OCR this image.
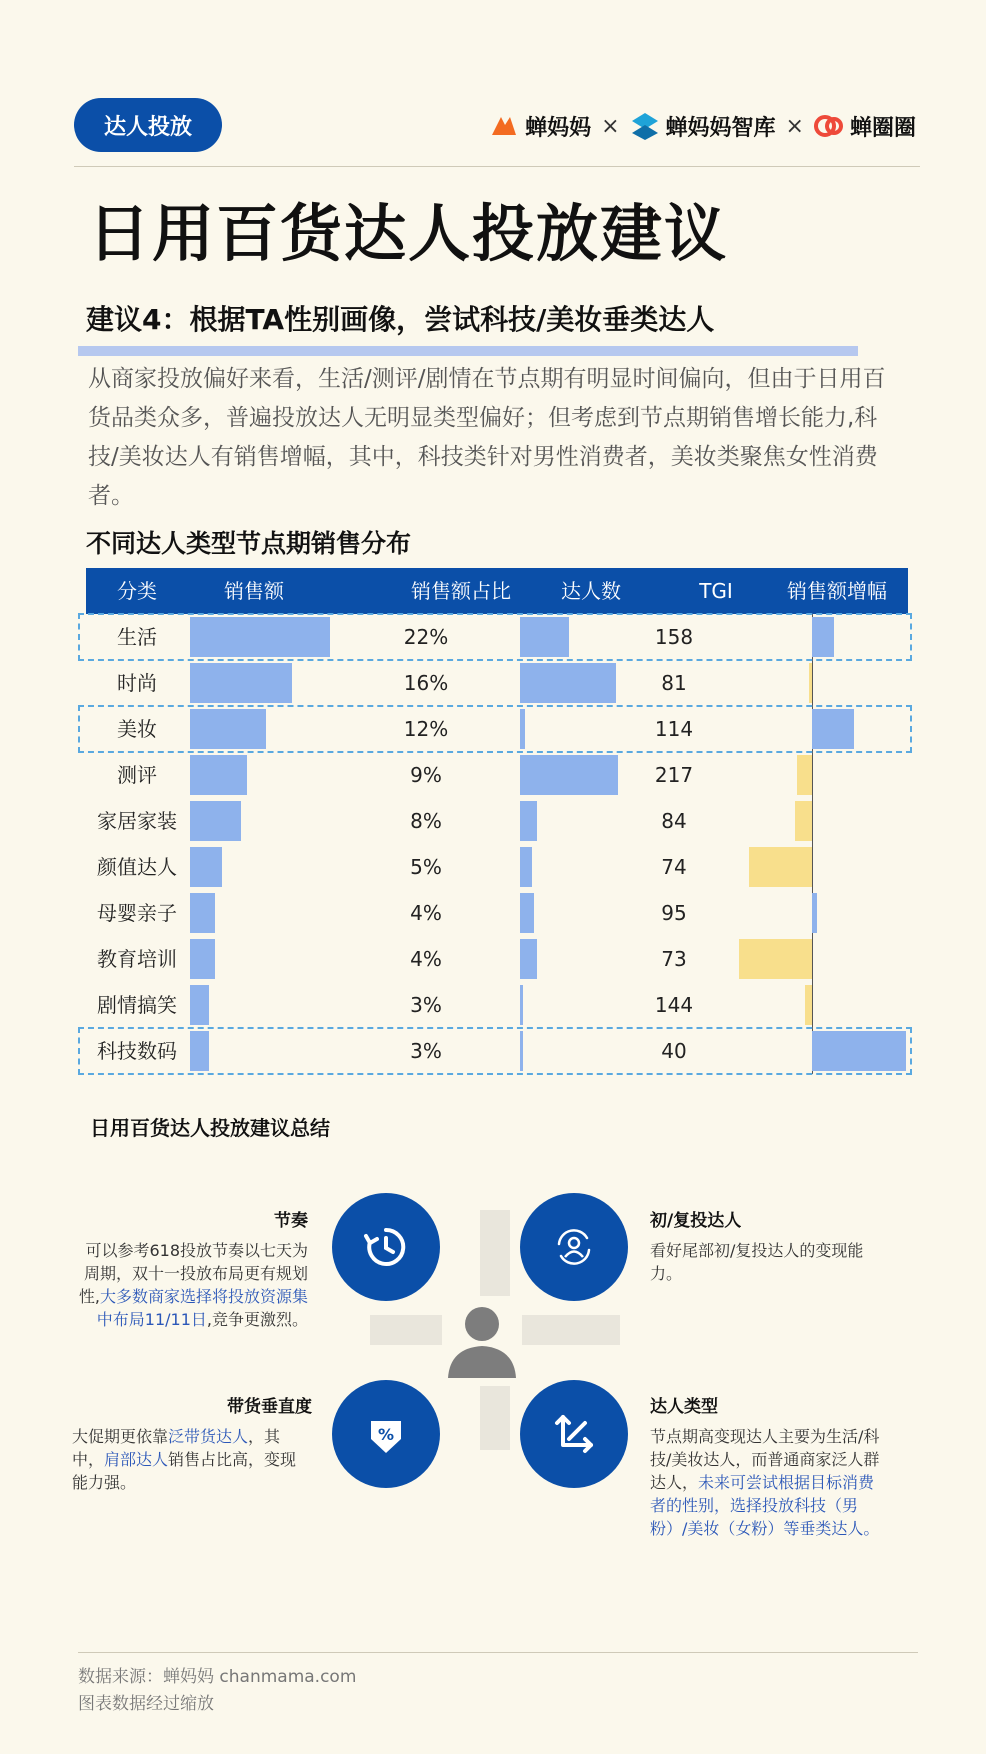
达人投放	蝉妈妈 × 蝉妈妈智库 × 蝉圈圈
日用百货达人投放建议
建议4：根据TA性别画像，尝试科技/美妆垂类达人
从商家投放偏好来看，生活/测评/剧情在节点期有明显时间偏向，但由于日用百货品类众多，普遍投放达人无明显类型偏好；但考虑到节点期销售增长能力,科技/美妆达人有销售增幅，其中，科技类针对男性消费者，美妆类聚焦女性消费者。
不同达人类型节点期销售分布
分类	销售额	销售额占比	达人数	TGI	销售额增幅
生活	22%	158
时尚	16%	81
美妆	12%	114
测评	9%	217
家居家装	8%	84
颜值达人	5%	74
母婴亲子	4%	95
教育培训	4%	73
剧情搞笑	3%	144
科技数码	3%	40
日用百货达人投放建议总结
%
节奏
可以参考618投放节奏以七天为周期，双十一投放布局更有规划性,大多数商家选择将投放资源集中布局11/11日,竞争更激烈。
初/复投达人
看好尾部初/复投达人的变现能力。
带货垂直度
大促期更依靠泛带货达人，其中，肩部达人销售占比高，变现能力强。
达人类型
节点期高变现达人主要为生活/科技/美妆达人，而普通商家泛人群达人，未来可尝试根据目标消费者的性别，选择投放科技（男粉）/美妆（女粉）等垂类达人。
数据来源：蝉妈妈 chanmama.com
图表数据经过缩放
